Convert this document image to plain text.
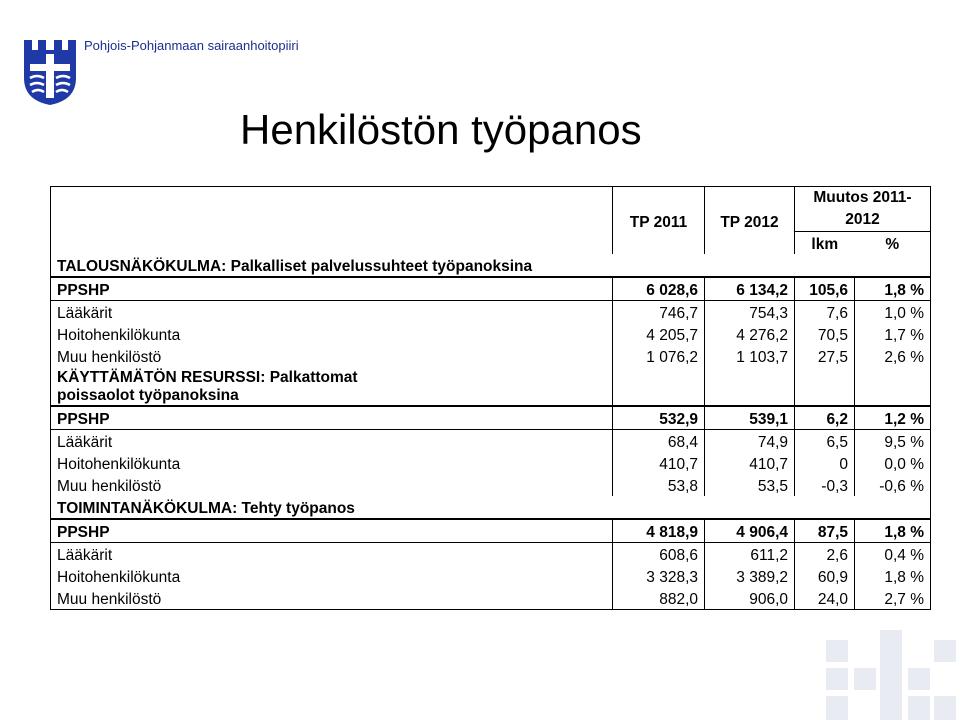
Pohjois-Pohjanmaan sairaanhoitopiiri
Henkilöstön työpanos
	TP 2011	TP 2012	Muutos 2011-2012	
			lkm	%
TALOUSNÄKÖKULMA: Palkalliset palvelussuhteet työpanoksina				
PPSHP	6 028,6	6 134,2	105,6	1,8 %
Lääkärit	746,7	754,3	7,6	1,0 %
Hoitohenkilökunta	4 205,7	4 276,2	70,5	1,7 %
Muu henkilöstö	1 076,2	1 103,7	27,5	2,6 %
KÄYTTÄMÄTÖN RESURSSI: Palkattomat poissaolot työpanoksina				
PPSHP	532,9	539,1	6,2	1,2 %
Lääkärit	68,4	74,9	6,5	9,5 %
Hoitohenkilökunta	410,7	410,7	0	0,0 %
Muu henkilöstö	53,8	53,5	-0,3	-0,6 %
TOIMINTANÄKÖKULMA: Tehty työpanos				
PPSHP	4 818,9	4 906,4	87,5	1,8 %
Lääkärit	608,6	611,2	2,6	0,4 %
Hoitohenkilökunta	3 328,3	3 389,2	60,9	1,8 %
Muu henkilöstö	882,0	906,0	24,0	2,7 %
